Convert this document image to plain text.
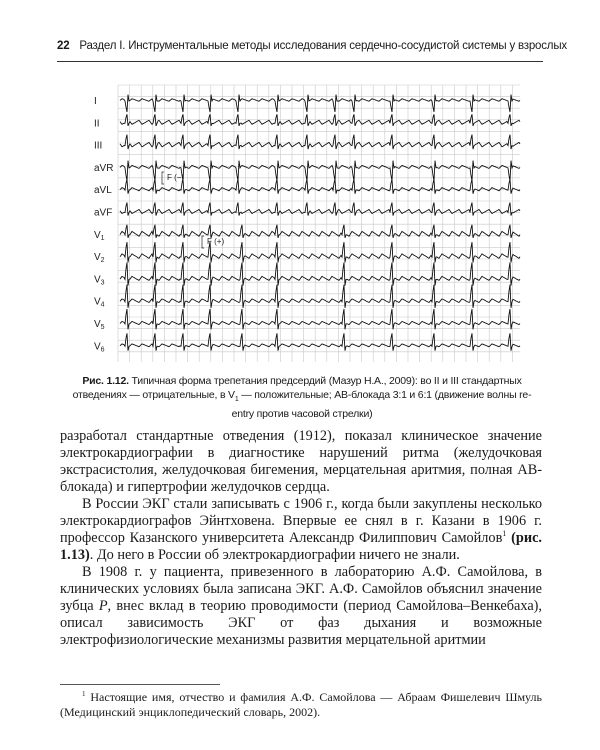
22 Раздел I. Инструментальные методы исследования сердечно-сосудистой системы у взрослых
I
II
III
aVR
aVL
aVF
$V_1$
$V_2$
$V_3$
$V_4$
$V_5$
$V_6$
F (−)
F (+)
Рис. 1.12. Типичная форма трепетания предсердий (Мазур Н.А., 2009): во II и III стандартных отведениях — отрицательные, в $V_1$ — положительные; АВ-блокада 3:1 и 6:1 (движение волны re-entry против часовой стрелки)

разработал стандартные отведения (1912), показал клиническое значение электрокардиографии в диагностике нарушений ритма (желудочковая экстрасистолия, желудочковая бигемения, мерцательная аритмия, полная АВ-блокада) и гипертрофии желудочков сердца.

В России ЭКГ стали записывать с 1906 г., когда были закуплены несколько электрокардиографов Эйнтховена. Впервые ее снял в г. Казани в 1906 г. профессор Казанского университета Александр Филиппович Самойлов$^1$ (рис. 1.13). До него в России об электрокардиографии ничего не знали.

В 1908 г. у пациента, привезенного в лабораторию А.Ф. Самойлова, в клинических условиях была записана ЭКГ. А.Ф. Самойлов объяснил значение зубца P, внес вклад в теорию проводимости (период Самойлова–Венкебаха), описал зависимость ЭКГ от фаз дыхания и возможные электрофизиологические механизмы развития мерцательной аритмии

$^1$ Настоящие имя, отчество и фамилия А.Ф. Самойлова — Абраам Фишелевич Шмуль (Медицинский энциклопедический словарь, 2002).
